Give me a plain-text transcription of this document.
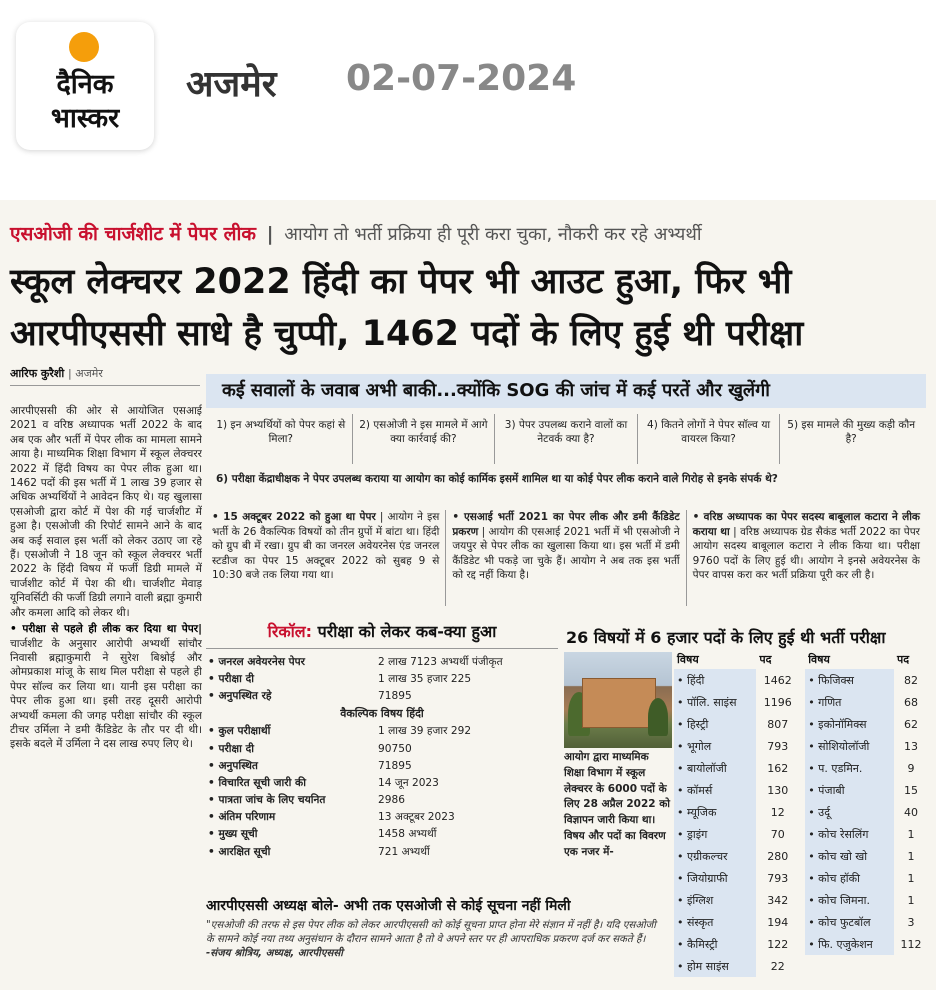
दैनिक
भास्कर
अजमेर 02-07-2024
एसओजी की चार्जशीट में पेपर लीक | आयोग तो भर्ती प्रक्रिया ही पूरी करा चुका, नौकरी कर रहे अभ्यर्थी
स्कूल लेक्चरर 2022 हिंदी का पेपर भी आउट हुआ, फिर भी
आरपीएससी साधे है चुप्पी, 1462 पदों के लिए हुई थी परीक्षा
आरिफ कुरैशी | अजमेर

आरपीएससी की ओर से आयोजित एसआई 2021 व वरिष्ठ अध्यापक भर्ती 2022 के बाद अब एक और भर्ती में पेपर लीक का मामला सामने आया है। माध्यमिक शिक्षा विभाग में स्कूल लेक्चरर 2022 में हिंदी विषय का पेपर लीक हुआ था। 1462 पदों की इस भर्ती में 1 लाख 39 हजार से अधिक अभ्यर्थियों ने आवेदन किए थे। यह खुलासा एसओजी द्वारा कोर्ट में पेश की गई चार्जशीट में हुआ है। एसओजी की रिपोर्ट सामने आने के बाद अब कई सवाल इस भर्ती को लेकर उठाए जा रहे हैं। एसओजी ने 18 जून को स्कूल लेक्चरर भर्ती 2022 के हिंदी विषय में फर्जी डिग्री मामले में चार्जशीट कोर्ट में पेश की थी। चार्जशीट मेवाड़ यूनिवर्सिटी की फर्जी डिग्री लगाने वाली ब्रह्मा कुमारी और कमला आदि को लेकर थी।

• परीक्षा से पहले ही लीक कर दिया था पेपर| चार्जशीट के अनुसार आरोपी अभ्यर्थी सांचौर निवासी ब्रह्माकुमारी ने सुरेश बिश्नोई और ओमप्रकाश मांजू के साथ मिल परीक्षा से पहले ही पेपर सॉल्व कर लिया था। यानी इस परीक्षा का पेपर लीक हुआ था। इसी तरह दूसरी आरोपी अभ्यर्थी कमला की जगह परीक्षा सांचौर की स्कूल टीचर उर्मिला ने डमी कैंडिडेट के तौर पर दी थी। इसके बदले में उर्मिला ने दस लाख रुपए लिए थे।

कई सवालों के जवाब अभी बाकी...क्योंकि SOG की जांच में कई परतें और खुलेंगी
1) इन अभ्यर्थियों को पेपर कहां से मिला?
2) एसओजी ने इस मामले में आगे क्या कार्रवाई की?
3) पेपर उपलब्ध कराने वालों का नेटवर्क क्या है?
4) कितने लोगों ने पेपर सॉल्व या वायरल किया?
5) इस मामले की मुख्य कड़ी कौन है?
6) परीक्षा केंद्राधीक्षक ने पेपर उपलब्ध कराया या आयोग का कोई कार्मिक इसमें शामिल था या कोई पेपर लीक कराने वाले गिरोह से इनके संपर्क थे?
• 15 अक्टूबर 2022 को हुआ था पेपर | आयोग ने इस भर्ती के 26 वैकल्पिक विषयों को तीन ग्रुपों में बांटा था। हिंदी को ग्रुप बी में रखा। ग्रुप बी का जनरल अवेयरनेस एंड जनरल स्टडीज का पेपर 15 अक्टूबर 2022 को सुबह 9 से 10:30 बजे तक लिया गया था।
• एसआई भर्ती 2021 का पेपर लीक और डमी कैंडिडेट प्रकरण | आयोग की एसआई 2021 भर्ती में भी एसओजी ने जयपुर से पेपर लीक का खुलासा किया था। इस भर्ती में डमी कैंडिडेट भी पकड़े जा चुके हैं। आयोग ने अब तक इस भर्ती को रद्द नहीं किया है।
• वरिष्ठ अध्यापक का पेपर सदस्य बाबूलाल कटारा ने लीक कराया था | वरिष्ठ अध्यापक ग्रेड सैकंड भर्ती 2022 का पेपर आयोग सदस्य बाबूलाल कटारा ने लीक किया था। परीक्षा 9760 पदों के लिए हुई थी। आयोग ने इनसे अवेयरनेस के पेपर वापस करा कर भर्ती प्रक्रिया पूरी कर ली है।
रिकॉल: परीक्षा को लेकर कब-क्या हुआ
• जनरल अवेयरनेस पेपर	2 लाख 7123 अभ्यर्थी पंजीकृत
• परीक्षा दी	1 लाख 35 हजार 225
• अनुपस्थित रहे	71895
वैकल्पिक विषय हिंदी	
• कुल परीक्षार्थी	1 लाख 39 हजार 292
• परीक्षा दी	90750
• अनुपस्थित	71895
• विचारित सूची जारी की	14 जून 2023
• पात्रता जांच के लिए चयनित	2986
• अंतिम परिणाम	13 अक्टूबर 2023
• मुख्य सूची	1458 अभ्यर्थी
• आरक्षित सूची	721 अभ्यर्थी
आरपीएससी अध्यक्ष बोले- अभी तक एसओजी से कोई सूचना नहीं मिली
"एसओजी की तरफ से इस पेपर लीक को लेकर आरपीएससी को कोई सूचना प्राप्त होना मेरे संज्ञान में नहीं है। यदि एसओजी के सामने कोई नया तथ्य अनुसंधान के दौरान सामने आता है तो वे अपने स्तर पर ही आपराधिक प्रकरण दर्ज कर सकते हैं। -संजय श्रोत्रिय, अध्यक्ष, आरपीएससी
26 विषयों में 6 हजार पदों के लिए हुई थी भर्ती परीक्षा
आयोग द्वारा माध्यमिक शिक्षा विभाग में स्कूल लेक्चरर के 6000 पदों के लिए 28 अप्रैल 2022 को विज्ञापन जारी किया था। विषय और पदों का विवरण एक नजर में-
विषय	पद		विषय	पद
• हिंदी	1462		• फिजिक्स	82
• पॉलि. साइंस	1196		• गणित	68
• हिस्ट्री	807		• इकोनॉमिक्स	62
• भूगोल	793		• सोशियोलॉजी	13
• बायोलॉजी	162		• प. एडमिन.	9
• कॉमर्स	130		• पंजाबी	15
• म्यूजिक	12		• उर्दू	40
• ड्राइंग	70		• कोच रेसलिंग	1
• एग्रीकल्चर	280		• कोच खो खो	1
• जियोग्राफी	793		• कोच हॉकी	1
• इंग्लिश	342		• कोच जिमना.	1
• संस्कृत	194		• कोच फुटबॉल	3
• कैमिस्ट्री	122		• फि. एजुकेशन	112
• होम साइंस	22			
